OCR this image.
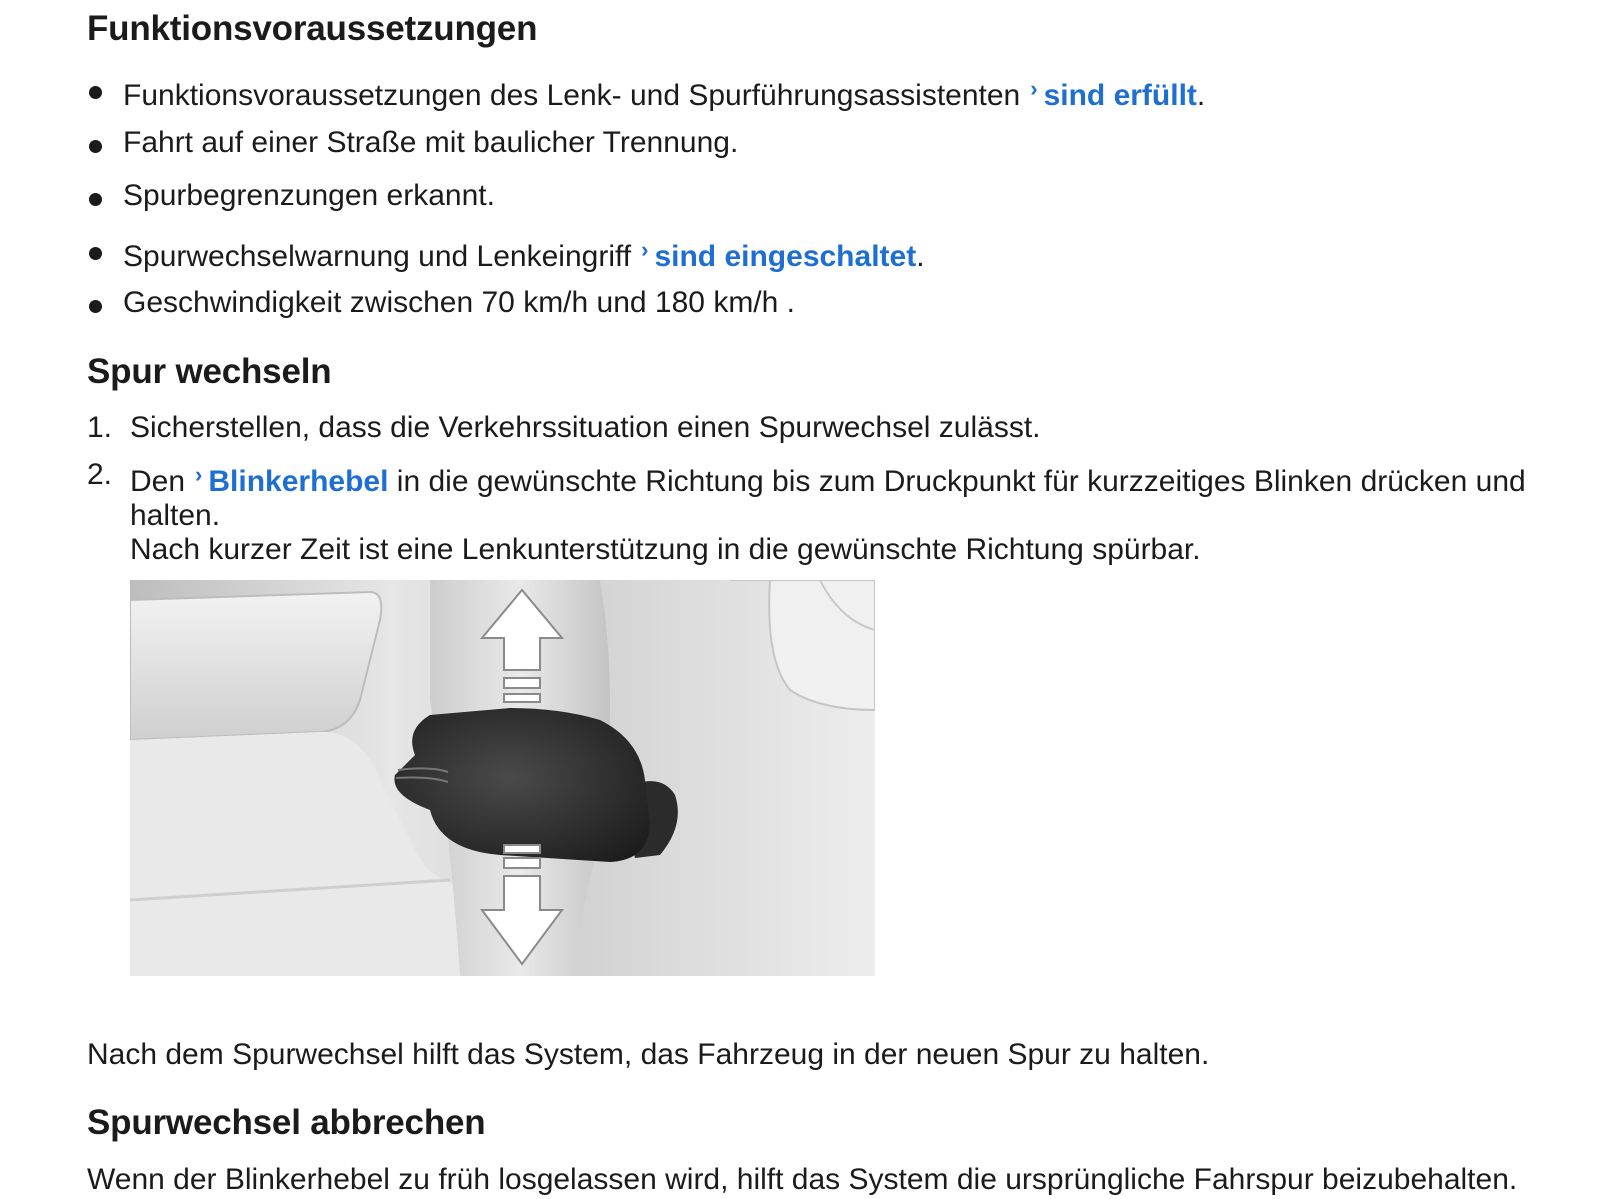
Funktionsvoraussetzungen
Funktionsvoraussetzungen des Lenk- und Spurführungsassistenten › sind erfüllt.
Fahrt auf einer Straße mit baulicher Trennung.
Spurbegrenzungen erkannt.
Spurwechselwarnung und Lenkeingriff › sind eingeschaltet.
Geschwindigkeit zwischen 70 km/h und 180 km/h .
Spur wechseln
1. Sicherstellen, dass die Verkehrssituation einen Spurwechsel zulässt.
2. Den › Blinkerhebel in die gewünschte Richtung bis zum Druckpunkt für kurzzeitiges Blinken drücken und halten.
Nach kurzer Zeit ist eine Lenkunterstützung in die gewünschte Richtung spürbar.

Nach dem Spurwechsel hilft das System, das Fahrzeug in der neuen Spur zu halten.

Spurwechsel abbrechen

Wenn der Blinkerhebel zu früh losgelassen wird, hilft das System die ursprüngliche Fahrspur beizubehalten.
